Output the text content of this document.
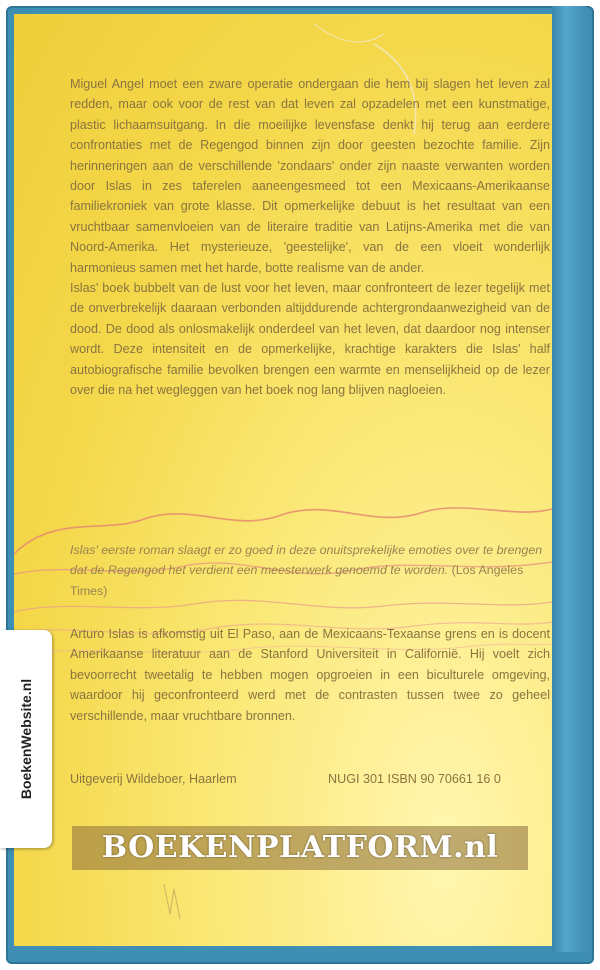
Miguel Angel moet een zware operatie ondergaan die hem bij slagen het leven zal redden, maar ook voor de rest van dat leven zal opzadelen met een kunstmatige, plastic lichaamsuitgang. In die moeilijke levensfase denkt hij terug aan eerdere confrontaties met de Regengod binnen zijn door geesten bezochte familie. Zijn herinneringen aan de verschillende 'zondaars' onder zijn naaste verwanten worden door Islas in zes taferelen aaneengesmeed tot een Mexicaans-Amerikaanse familiekroniek van grote klasse. Dit opmerkelijke debuut is het resultaat van een vruchtbaar samenvloeien van de literaire traditie van Latijns-Amerika met die van Noord-Amerika. Het mysterieuze, 'geestelijke', van de een vloeit wonderlijk harmonieus samen met het harde, botte realisme van de ander.

Islas' boek bubbelt van de lust voor het leven, maar confronteert de lezer tegelijk met de onverbrekelijk daaraan verbonden altijddurende achtergrondaanwezigheid van de dood. De dood als onlosmakelijk onderdeel van het leven, dat daardoor nog intenser wordt. Deze intensiteit en de opmerkelijke, krachtige karakters die Islas' half autobiografische familie bevolken brengen een warmte en menselijkheid op de lezer over die na het wegleggen van het boek nog lang blijven nagloeien.

Islas' eerste roman slaagt er zo goed in deze onuitsprekelijke emoties over te brengen dat de Regengod het verdient een meesterwerk genoemd te worden. (Los Angeles Times)
Arturo Islas is afkomstig uit El Paso, aan de Mexicaans-Texaanse grens en is docent Amerikaanse literatuur aan de Stanford Universiteit in Californië. Hij voelt zich bevoorrecht tweetalig te hebben mogen opgroeien in een biculturele omgeving, waardoor hij geconfronteerd werd met de contrasten tussen twee zo geheel verschillende, maar vruchtbare bronnen.
Uitgeverij Wildeboer, Haarlem	NUGI 301 ISBN 90 70661 16 0
BoekenWebsite.nl
BOEKENPLATFORM.nl
